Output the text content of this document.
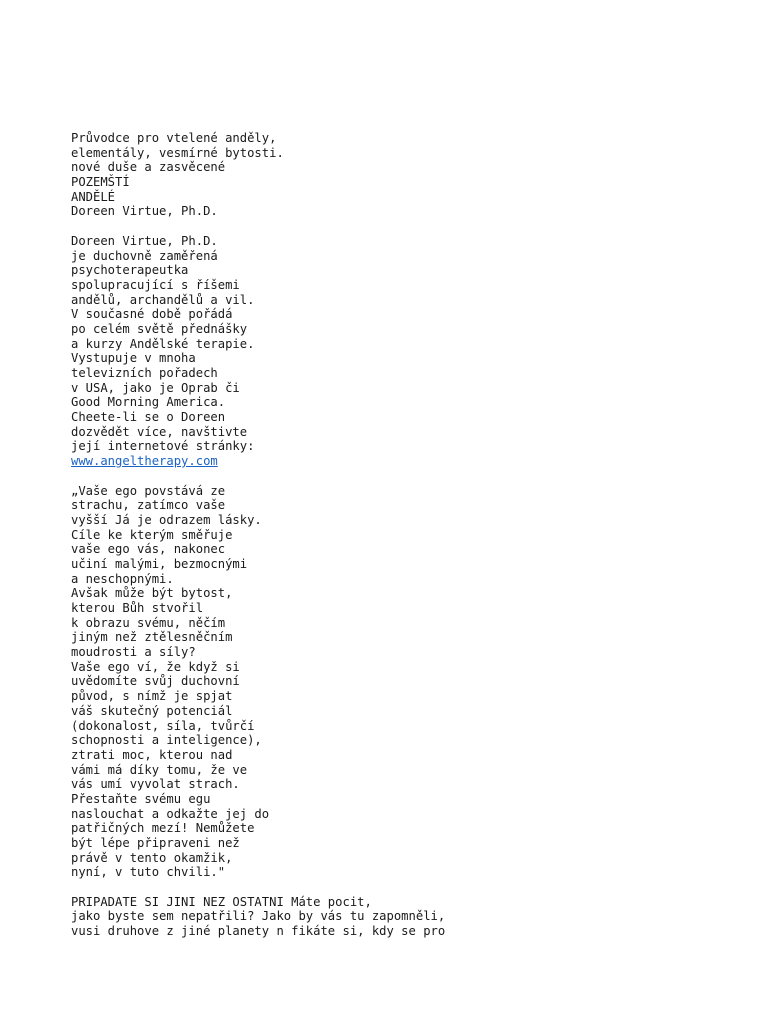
Průvodce pro vtelené anděly,
elementály, vesmírné bytosti.
nové duše a zasvěcené
POZEMŠTÍ
ANDĚLÉ
Doreen Virtue, Ph.D.
Doreen Virtue, Ph.D.
je duchovně zaměřená
psychoterapeutka
spolupracující s říšemi
andělů, archandělů a vil.
V současné době pořádá
po celém světě přednášky
a kurzy Andělské terapie.
Vystupuje v mnoha
televizních pořadech
v USA, jako je Oprab či
Good Morning America.
Cheete-li se o Doreen
dozvědět více, navštivte
její internetové stránky:
www.angeltherapy.com
„Vaše ego povstává ze
strachu, zatímco vaše
vyšší Já je odrazem lásky.
Cíle ke kterým směřuje
vaše ego vás, nakonec
učiní malými, bezmocnými
a neschopnými.
Avšak může být bytost,
kterou Bůh stvořil
k obrazu svému, něčím
jiným než ztělesněčním
moudrosti a síly?
Vaše ego ví, že když si
uvědomíte svůj duchovní
původ, s nímž je spjat
váš skutečný potenciál
(dokonalost, síla, tvůrčí
schopnosti a inteligence),
ztrati moc, kterou nad
vámi má díky tomu, že ve
vás umí vyvolat strach.
Přestaňte svému egu
naslouchat a odkažte jej do
patřičných mezí! Nemůžete
být lépe připraveni než
právě v tento okamžik,
nyní, v tuto chvili."
PRIPADATE SI JINI NEZ OSTATNI Máte pocit,
jako byste sem nepatřili? Jako by vás tu zapomněli,
vusi druhove z jiné planety n fikáte si, kdy se pro
